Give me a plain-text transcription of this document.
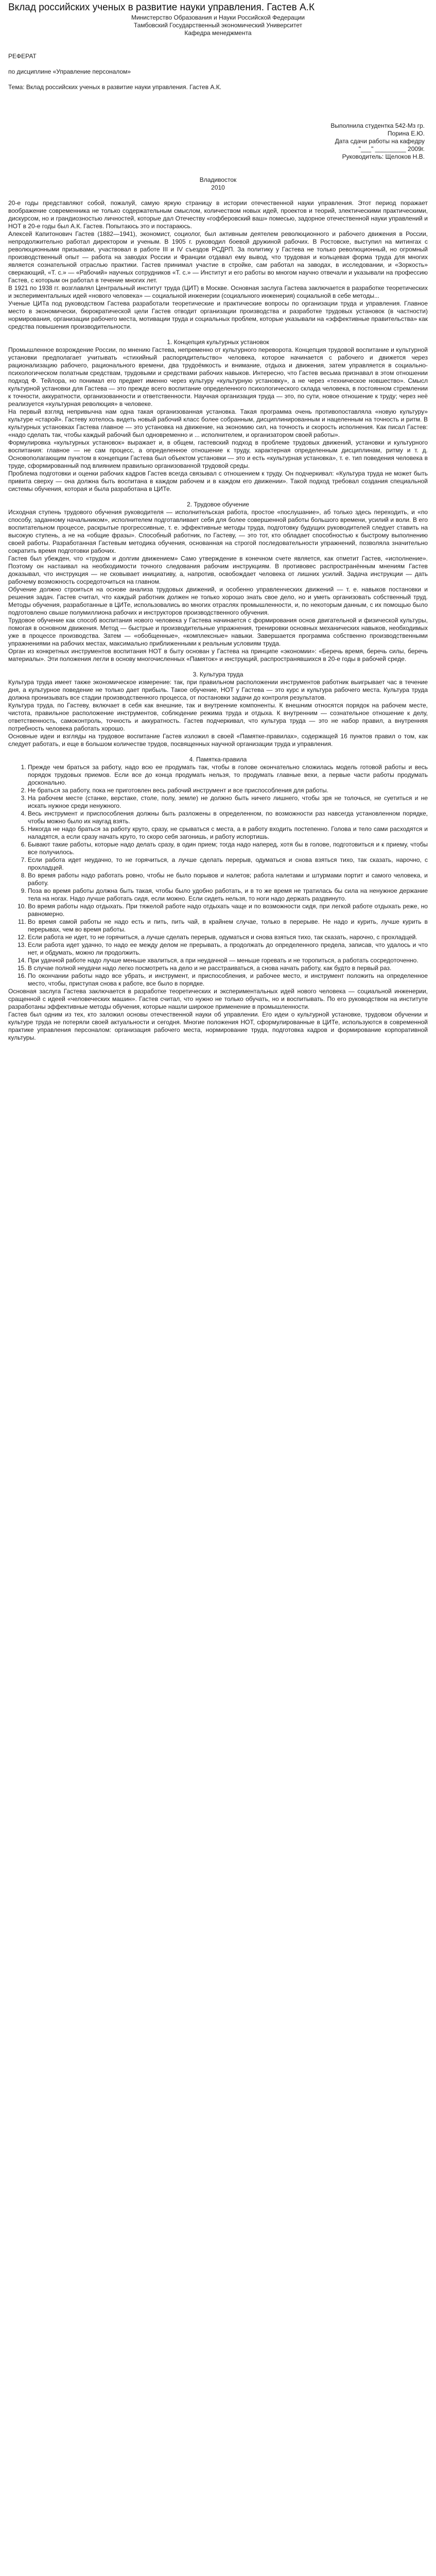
Вклад российских ученых в развитие науки управления. Гастев А.К

Министерство Образования и Науки Российской Федерации

Тамбовский Государственный экономический Университет

Кафедра менеджмента

РЕФЕРАТ

по дисциплине «Управление персоналом»

Тема: Вклад российских ученых в развитие науки управления. Гастев А.К.

Выполнила студентка 542-Мз гр.

Порина Е.Ю.

Дата сдачи работы на кафедру

"___" _________ 2009г.

Руководитель: Щелоков Н.В.

Владивосток

2010

20-е годы представляют собой, пожалуй, самую яркую страницу в истории отечественной науки управления. Этот период поражает воображение современника не только содержательным смыслом, количеством новых идей, проектов и теорий, злектическими практическими, дискурсом, но и грандиозностью личностей, которые дал Отечеству «гофберовский ваш» помесью, задорное отечественной науки управлений и НОТ в 20-е годы был А.К. Гастев. Попытаюсь это и постараюсь.

Алексей Капитонович Гастев (1882—1941), экономист, социолог, был активным деятелем революционного и рабочего движения в России, непродолжительно работал директором и ученым. В 1905 г. руководил боевой дружиной рабочих. В Ростовске, выступил на митингах с революционными призывами, участвовал в работе III и IV съездов РСДРП. За политику у Гастева не только революционный, но огромный производственный опыт — работа на заводах России и Франции отдавал ему вывод, что трудовая и кольцевая форма труда для многих является сознательной отраслью практики. Гастев принимал участие в стройке, сам работал на заводах, в исследовании, и «Зоркость» сверкающий, «Т. с.» — «Рабочий» научных сотрудников «Т. с.» — Институт и его работы во многом научно отвечали и указывали на профессию Гастев, с которым он работал в течение многих лет.

В 1921 по 1938 гг. возглавлял Центральный институт труда (ЦИТ) в Москве. Основная заслуга Гастева заключается в разработке теоретических и экспериментальных идей «нового человека» — социальной инженерии (социального инженерия) социальной в себе методы...

Ученые ЦИТа под руководством Гастева разработали теоретические и практические вопросы по организации труда и управления. Главное место в экономически, бюрократической цели Гастев отводит организации производства и разработке трудовых установок (в частности) нормирования, организации рабочего места, мотивации труда и социальных проблем, которые указывали на «эффективные правительства» как средства повышения производительности.

1. Концепция культурных установок

Промышленное возрождение России, по мнению Гастева, непременно от культурного переворота. Концепция трудовой воспитание и культурной установки предполагает учитывать «стихийный распорядительство» человека, которое начинается с рабочего и движется через рационализацию рабочего, рационального времени, два трудоёмкость и внимание, отдыха и движения, затем управляется в социально-психологическом полатным средствам, трудовыми и средствами рабочих навыков. Интересно, что Гастев весьма признавал в этом отношении подход Ф. Тейлора, но понимал его предмет именно через культуру «культурную установку», а не через «техническое новшество». Смысл культурной установки для Гастева — это прежде всего воспитание определенного психологического склада человека, в постоянном стремлении к точности, аккуратности, организованности и ответственности. Научная организация труда — это, по сути, новое отношение к труду; через неё реализуется «культурная революция» в человеке.

На первый взгляд непривычна нам одна такая организованная установка. Такая программа очень противопоставляла «новую культуру» культуре «старой». Гастеву хотелось видеть новый рабочий класс более собранным, дисциплинированным и нацеленным на точность и ритм. В культурных установках Гастева главное — это установка на движение, на экономию сил, на точность и скорость исполнения. Как писал Гастев: «надо сделать так, чтобы каждый рабочий был одновременно и ... исполнителем, и организатором своей работы».

Формулировка «культурных установок» выражает и, в общем, гастевский подход в проблеме трудовых движений, установки и культурного воспитания: главное — не сам процесс, а определенное отношение к труду, характерная определенным дисциплинам, ритму и т. д. Основополагающим пунктом в концепции Гастева был объектом установки — это и есть «культурная установка», т. е. тип поведения человека в труде, сформированный под влиянием правильно организованной трудовой среды.

Проблема подготовки и оценки рабочих кадров Гастев всегда связывал с отношением к труду. Он подчеркивал: «Культура труда не может быть привита сверху — она должна быть воспитана в каждом рабочем и в каждом его движении». Такой подход требовал создания специальной системы обучения, которая и была разработана в ЦИТе.

2. Трудовое обучение

Исходная ступень трудового обучения руководителя — исполнительская работа, простое «послушание», аб только здесь переходить, и «по способу, заданному начальником», исполнителем подготавливает себя для более совершенной работы большого времени, усилий и воли. В его воспитательном процессе, раскрытые прогрессивные, т. е. эффективные методы труда, подготовку будущих руководителей следует ставить на высокую ступень, а не на «общие фразы». Способный работник, по Гастеву, — это тот, кто обладает способностью к быстрому выполнению своей работы. Разработанная Гастевым методика обучения, основанная на строгой последовательности упражнений, позволяла значительно сократить время подготовки рабочих.

Гастев был убежден, что «трудом и долгим движением» Само утверждение в конечном счете является, как отметит Гастев, «исполнение». Поэтому он настаивал на необходимости точного следования рабочим инструкциям. В противовес распространённым мнениям Гастев доказывал, что инструкция — не сковывает инициативу, а, напротив, освобождает человека от лишних усилий. Задача инструкции — дать рабочему возможность сосредоточиться на главном.

Обучение должно строиться на основе анализа трудовых движений, и особенно управленческих движений — т. е. навыков постановки и решения задач. Гастев считал, что каждый работник должен не только хорошо знать свое дело, но и уметь организовать собственный труд. Методы обучения, разработанные в ЦИТе, использовались во многих отраслях промышленности, и, по некоторым данным, с их помощью было подготовлено свыше полумиллиона рабочих и инструкторов производственного обучения.

Трудовое обучение как способ воспитания нового человека у Гастева начинается с формирования основ двигательной и физической культуры, помогая в основном движения. Метод — быстрые и производительные упражнения, тренировки основных механических навыков, необходимых уже в процессе производства. Затем — «обобщенные», «комплексные» навыки. Завершается программа собственно производственными упражнениями на рабочих местах, максимально приближенными к реальным условиям труда.

Орган из конкретных инструментов воспитания НОТ в быту основан у Гастева на принципе «экономии»: «Беречь время, беречь силы, беречь материалы». Эти положения легли в основу многочисленных «Памяток» и инструкций, распространявшихся в 20-е годы в рабочей среде.

3. Культура труда

Культура труда имеет также экономическое измерение: так, при правильном расположении инструментов работник выигрывает час в течение дня, а культурное поведение не только дает прибыль. Такое обучение, НОТ у Гастева — это курс и культура рабочего места. Культура труда должна пронизывать все стадии производственного процесса, от постановки задачи до контроля результатов.

Культура труда, по Гастеву, включает в себя как внешние, так и внутренние компоненты. К внешним относятся порядок на рабочем месте, чистота, правильное расположение инструментов, соблюдение режима труда и отдыха. К внутренним — сознательное отношение к делу, ответственность, самоконтроль, точность и аккуратность. Гастев подчеркивал, что культура труда — это не набор правил, а внутренняя потребность человека работать хорошо.

Основные идеи и взгляды на трудовое воспитание Гастев изложил в своей «Памятке-правилах», содержащей 16 пунктов правил о том, как следует работать, и еще в большом количестве трудов, посвященных научной организации труда и управления.

4. Памятка-правила

1. Прежде чем браться за работу, надо всю ее продумать так, чтобы в голове окончательно сложилась модель готовой работы и весь порядок трудовых приемов. Если все до конца продумать нельзя, то продумать главные вехи, а первые части работы продумать досконально.
2. Не браться за работу, пока не приготовлен весь рабочий инструмент и все приспособления для работы.
3. На рабочем месте (станке, верстаке, столе, полу, земле) не должно быть ничего лишнего, чтобы зря не толочься, не суетиться и не искать нужное среди ненужного.
4. Весь инструмент и приспособления должны быть разложены в определенном, по возможности раз навсегда установленном порядке, чтобы можно было их наугад взять.
5. Никогда не надо браться за работу круто, сразу, не срываться с места, а в работу входить постепенно. Голова и тело сами расходятся и наладятся, а если сразу начать круто, то скоро себя загонишь, и работу испортишь.
6. Бывают такие работы, которые надо делать сразу, в один прием; тогда надо наперед, хотя бы в голове, подготовиться и к приему, чтобы все получилось.
7. Если работа идет неудачно, то не горячиться, а лучше сделать перерыв, одуматься и снова взяться тихо, так сказать, нарочно, с прохладцей.
8. Во время работы надо работать ровно, чтобы не было порывов и налетов; работа налетами и штурмами портит и самого человека, и работу.
9. Поза во время работы должна быть такая, чтобы было удобно работать, и в то же время не тратилась бы сила на ненужное держание тела на ногах. Надо лучше работать сидя, если можно. Если сидеть нельзя, то ноги надо держать раздвинуто.
10. Во время работы надо отдыхать. При тяжелой работе надо отдыхать чаще и по возможности сидя, при легкой работе отдыхать реже, но равномерно.
11. Во время самой работы не надо есть и пить, пить чай, в крайнем случае, только в перерыве. Не надо и курить, лучше курить в перерывах, чем во время работы.
12. Если работа не идет, то не горячиться, а лучше сделать перерыв, одуматься и снова взяться тихо, так сказать, нарочно, с прохладцей.
13. Если работа идет удачно, то надо ее между делом не прерывать, а продолжать до определенного предела, записав, что удалось и что нет, и обдумать, можно ли продолжить.
14. При удачной работе надо лучше меньше хвалиться, а при неудачной — меньше горевать и не торопиться, а работать сосредоточенно.
15. В случае полной неудачи надо легко посмотреть на дело и не расстраиваться, а снова начать работу, как будто в первый раз.
16. По окончании работы надо все убрать, и инструмент, и приспособления, и рабочее место, и инструмент положить на определенное место, чтобы, приступая снова к работе, все было в порядке.

Основная заслуга Гастева заключается в разработке теоретических и экспериментальных идей нового человека — социальной инженерии, сращенной с идеей «человеческих машин». Гастев считал, что нужно не только обучать, но и воспитывать. По его руководством на институте разработаны эффективные методы обучения, которые нашли широкое применение в промышленности.

Гастев был одним из тех, кто заложил основы отечественной науки об управлении. Его идеи о культурной установке, трудовом обучении и культуре труда не потеряли своей актуальности и сегодня. Многие положения НОТ, сформулированные в ЦИТе, используются в современной практике управления персоналом: организация рабочего места, нормирование труда, подготовка кадров и формирование корпоративной культуры.
